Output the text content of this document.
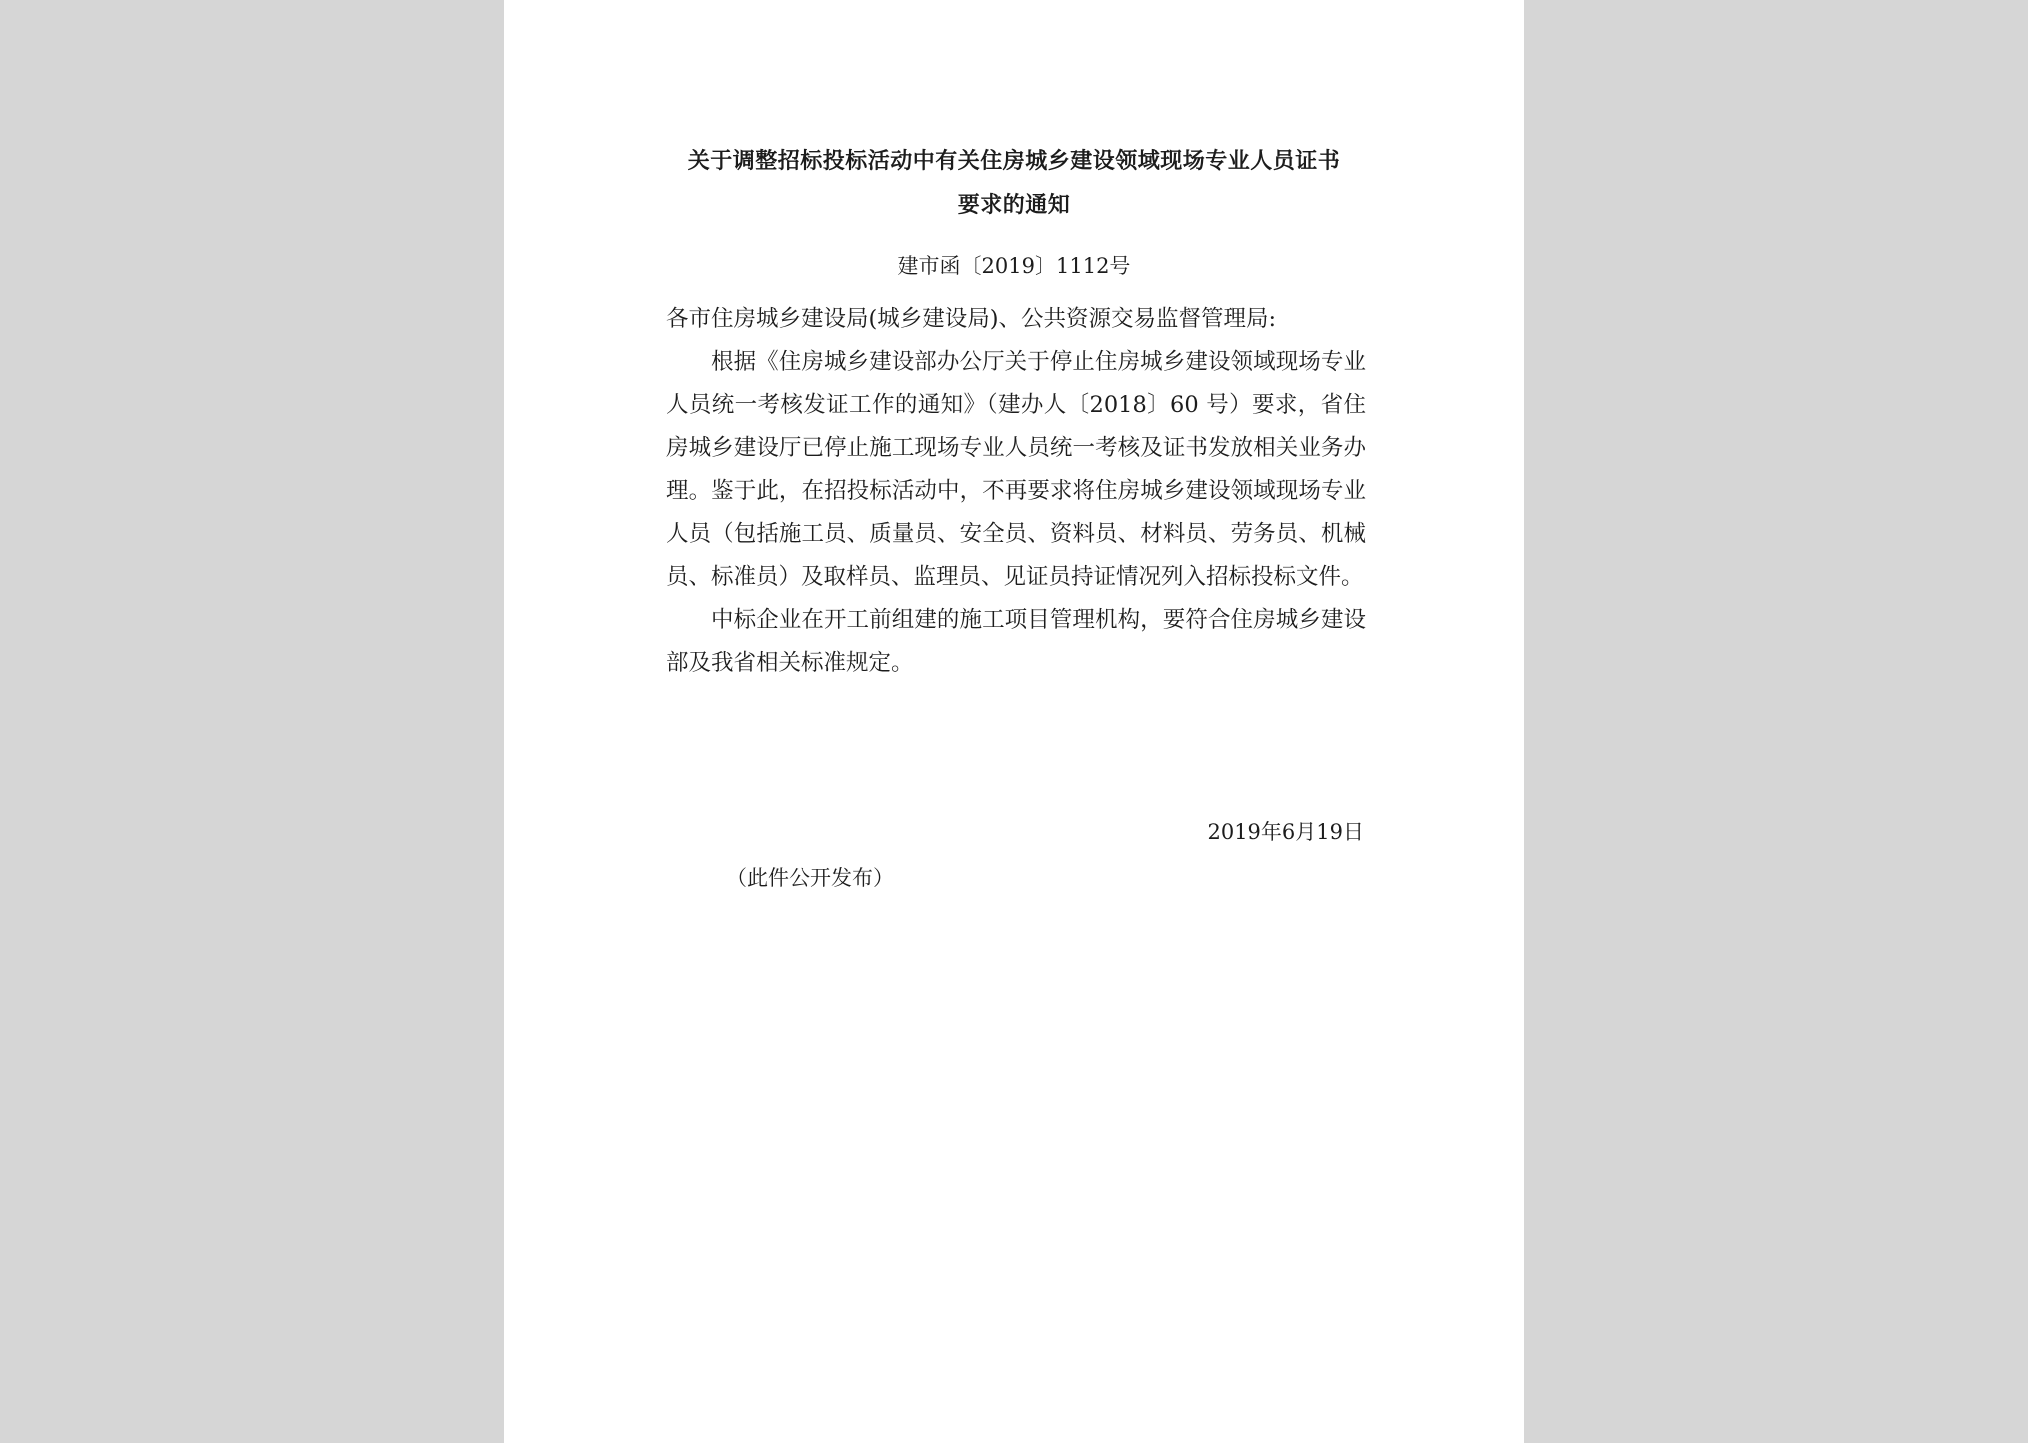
关于调整招标投标活动中有关住房城乡建设领域现场专业人员证书
要求的通知
建市函〔2019〕1112号

各市住房城乡建设局(城乡建设局)、公共资源交易监督管理局:

根据《住房城乡建设部办公厅关于停止住房城乡建设领域现场专业人员统一考核发证工作的通知》（建办人〔2018〕60 号）要求，省住房城乡建设厅已停止施工现场专业人员统一考核及证书发放相关业务办理。鉴于此，在招投标活动中，不再要求将住房城乡建设领域现场专业人员（包括施工员、质量员、安全员、资料员、材料员、劳务员、机械员、标准员）及取样员、监理员、见证员持证情况列入招标投标文件。

中标企业在开工前组建的施工项目管理机构，要符合住房城乡建设部及我省相关标准规定。

2019年6月19日
（此件公开发布）
